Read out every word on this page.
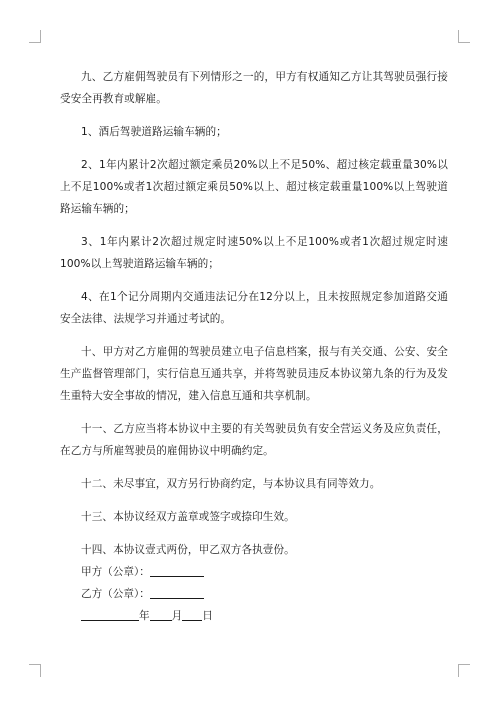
九、乙方雇佣驾驶员有下列情形之一的，甲方有权通知乙方让其驾驶员强行接受安全再教育或解雇。

1、酒后驾驶道路运输车辆的；

2、1年内累计2次超过额定乘员20%以上不足50%、超过核定载重量30%以上不足100%或者1次超过额定乘员50%以上、超过核定载重量100%以上驾驶道路运输车辆的；

3、1年内累计2次超过规定时速50%以上不足100%或者1次超过规定时速100%以上驾驶道路运输车辆的；

4、在1个记分周期内交通违法记分在12分以上，且未按照规定参加道路交通安全法律、法规学习并通过考试的。

十、甲方对乙方雇佣的驾驶员建立电子信息档案，报与有关交通、公安、安全生产监督管理部门，实行信息互通共享，并将驾驶员违反本协议第九条的行为及发生重特大安全事故的情况，建入信息互通和共享机制。

十一、乙方应当将本协议中主要的有关驾驶员负有安全营运义务及应负责任，在乙方与所雇驾驶员的雇佣协议中明确约定。

十二、未尽事宜，双方另行协商约定，与本协议具有同等效力。

十三、本协议经双方盖章或签字或捺印生效。

十四、本协议壹式两份，甲乙双方各执壹份。

甲方（公章）：

乙方（公章）：

年 月 日
